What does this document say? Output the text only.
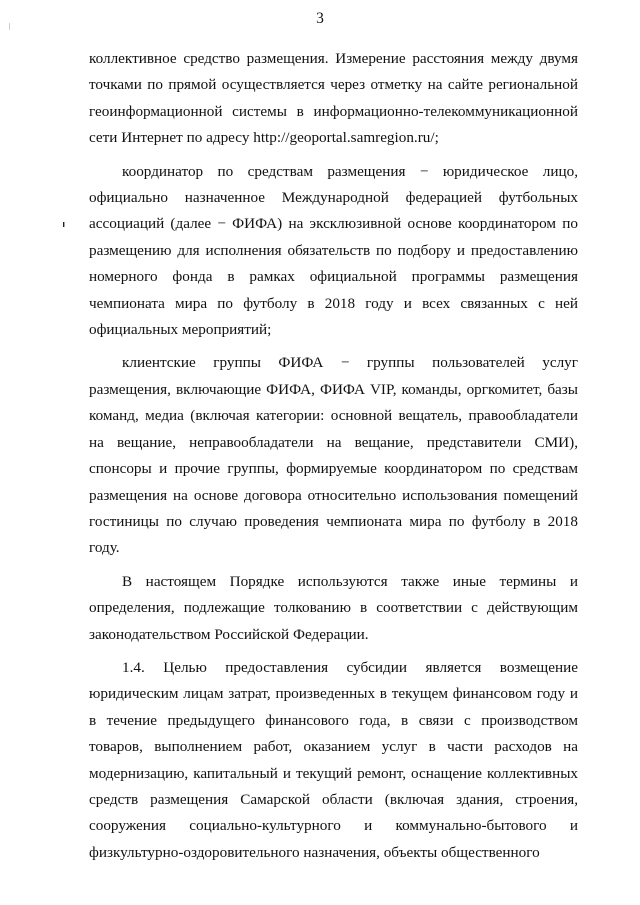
3

коллективное средство размещения. Измерение расстояния между двумя точками по прямой осуществляется через отметку на сайте региональной геоинформационной системы в информационно-телекоммуникационной сети Интернет по адресу http://geoportal.samregion.ru/;

координатор по средствам размещения − юридическое лицо, официально назначенное Международной федерацией футбольных ассоциаций (далее − ФИФА) на эксклюзивной основе координатором по размещению для исполнения обязательств по подбору и предоставлению номерного фонда в рамках официальной программы размещения чемпионата мира по футболу в 2018 году и всех связанных с ней официальных мероприятий;

клиентские группы ФИФА − группы пользователей услуг размещения, включающие ФИФА, ФИФА VIP, команды, оргкомитет, базы команд, медиа (включая категории: основной вещатель, правообладатели на вещание, неправообладатели на вещание, представители СМИ), спонсоры и прочие группы, формируемые координатором по средствам размещения на основе договора относительно использования помещений гостиницы по случаю проведения чемпионата мира по футболу в 2018 году.

В настоящем Порядке используются также иные термины и определения, подлежащие толкованию в соответствии с действующим законодательством Российской Федерации.

1.4. Целью предоставления субсидии является возмещение юридическим лицам затрат, произведенных в текущем финансовом году и в течение предыдущего финансового года, в связи с производством товаров, выполнением работ, оказанием услуг в части расходов на модернизацию, капитальный и текущий ремонт, оснащение коллективных средств размещения Самарской области (включая здания, строения, сооружения социально-культурного и коммунально-бытового и физкультурно-оздоровительного назначения, объекты общественного
